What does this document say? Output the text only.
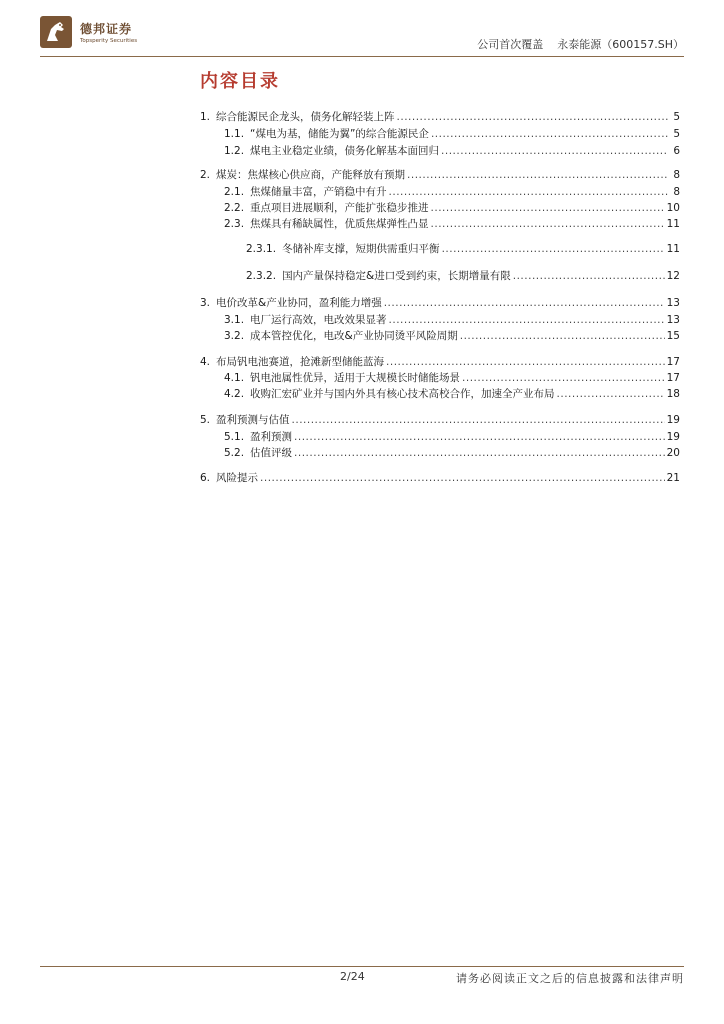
德邦证券
Topsperity Securities	公司首次覆盖 永泰能源（600157.SH）
内容目录
1. 综合能源民企龙头，债务化解轻装上阵 .....	5
1.1. “煤电为基，储能为翼”的综合能源民企 .....	5
1.2. 煤电主业稳定业绩，债务化解基本面回归 .....	6
2. 煤炭：焦煤核心供应商，产能释放有预期 .....	8
2.1. 焦煤储量丰富，产销稳中有升 .....	8
2.2. 重点项目进展顺利，产能扩张稳步推进 .....	10
2.3. 焦煤具有稀缺属性，优质焦煤弹性凸显 .....	11
2.3.1. 冬储补库支撑，短期供需重归平衡 .....	11
2.3.2. 国内产量保持稳定&进口受到约束，长期增量有限 .....	12
3. 电价改革&产业协同，盈利能力增强 .....	13
3.1. 电厂运行高效，电改效果显著 .....	13
3.2. 成本管控优化，电改&产业协同烫平风险周期 .....	15
4. 布局钒电池赛道，抢滩新型储能蓝海 .....	17
4.1. 钒电池属性优异，适用于大规模长时储能场景 .....	17
4.2. 收购汇宏矿业并与国内外具有核心技术高校合作，加速全产业布局 .....	18
5. 盈利预测与估值 .....	19
5.1. 盈利预测 .....	19
5.2. 估值评级 .....	20
6. 风险提示 .....	21
2/24	请务必阅读正文之后的信息披露和法律声明
